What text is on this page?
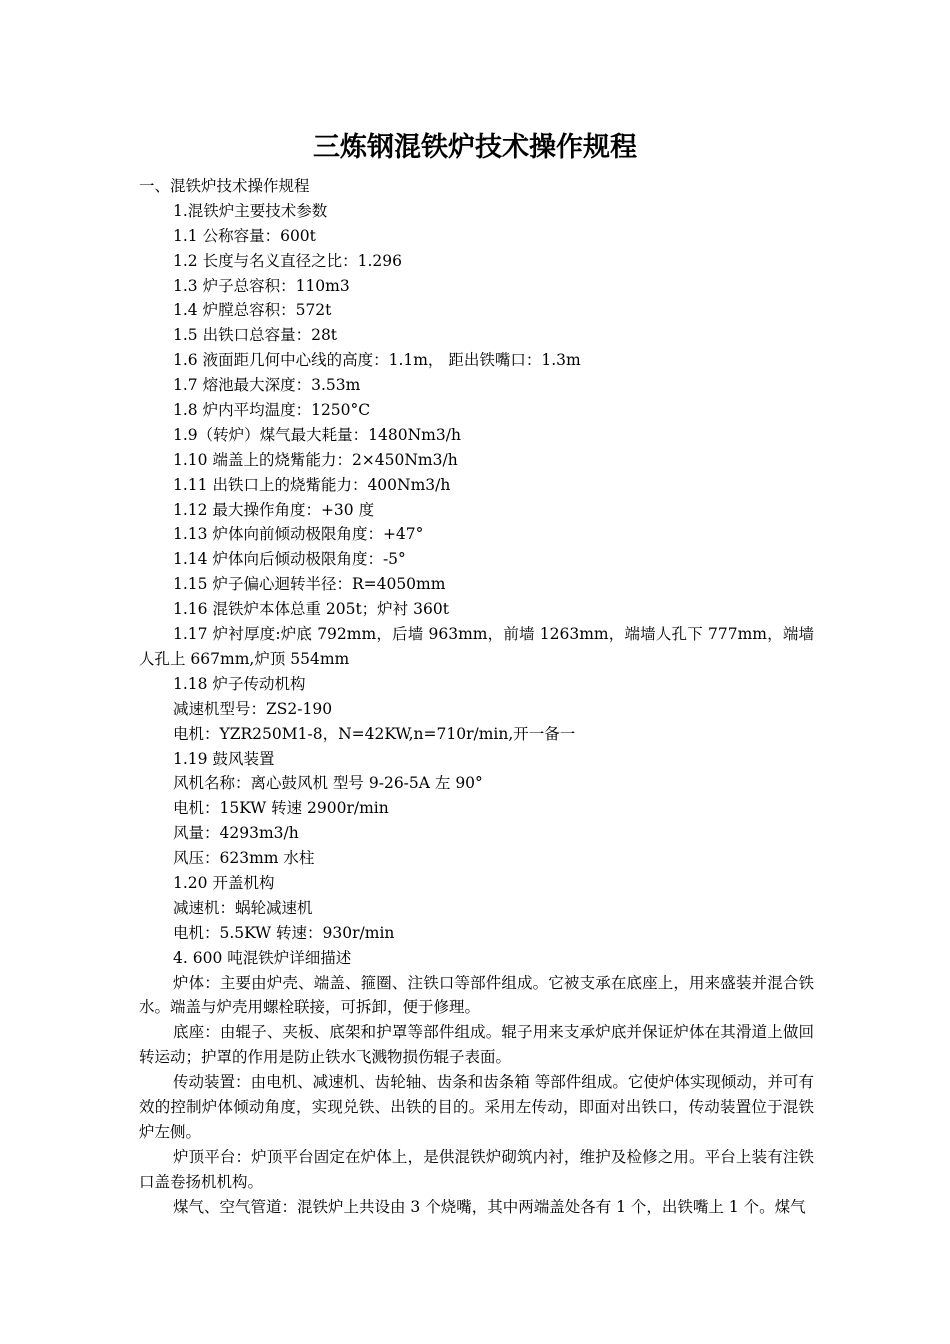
三炼钢混铁炉技术操作规程
一、混铁炉技术操作规程
1.混铁炉主要技术参数
1.1 公称容量：600t
1.2 长度与名义直径之比：1.296
1.3 炉子总容积：110m3
1.4 炉膛总容积：572t
1.5 出铁口总容量：28t
1.6 液面距几何中心线的高度：1.1m， 距出铁嘴口：1.3m
1.7 熔池最大深度：3.53m
1.8 炉内平均温度：1250°C
1.9（转炉）煤气最大耗量：1480Nm3/h
1.10 端盖上的烧觜能力：2×450Nm3/h
1.11 出铁口上的烧觜能力：400Nm3/h
1.12 最大操作角度：+30 度
1.13 炉体向前倾动极限角度：+47°
1.14 炉体向后倾动极限角度：-5°
1.15 炉子偏心迴转半径：R=4050mm
1.16 混铁炉本体总重 205t；炉衬 360t
1.17 炉衬厚度:炉底 792mm，后墙 963mm，前墙 1263mm，端墙人孔下 777mm，端墙人孔上 667mm,炉顶 554mm
1.18 炉子传动机构
减速机型号：ZS2-190
电机：YZR250M1-8，N=42KW,n=710r/min,开一备一
1.19 鼓风装置
风机名称：离心鼓风机 型号 9-26-5A 左 90°
电机：15KW 转速 2900r/min
风量：4293m3/h
风压：623mm 水柱
1.20 开盖机构
减速机：蜗轮减速机
电机：5.5KW 转速：930r/min
4. 600 吨混铁炉详细描述
炉体：主要由炉壳、端盖、箍圈、注铁口等部件组成。它被支承在底座上，用来盛装并混合铁水。端盖与炉壳用螺栓联接，可拆卸，便于修理。
底座：由辊子、夹板、底架和护罩等部件组成。辊子用来支承炉底并保证炉体在其滑道上做回转运动；护罩的作用是防止铁水飞溅物损伤辊子表面。
传动装置：由电机、减速机、齿轮轴、齿条和齿条箱 等部件组成。它使炉体实现倾动，并可有效的控制炉体倾动角度，实现兑铁、出铁的目的。采用左传动，即面对出铁口，传动装置位于混铁炉左侧。
炉顶平台：炉顶平台固定在炉体上，是供混铁炉砌筑内衬，维护及检修之用。平台上装有注铁口盖卷扬机机构。
煤气、空气管道：混铁炉上共设由 3 个烧嘴，其中两端盖处各有 1 个，出铁嘴上 1 个。煤气
